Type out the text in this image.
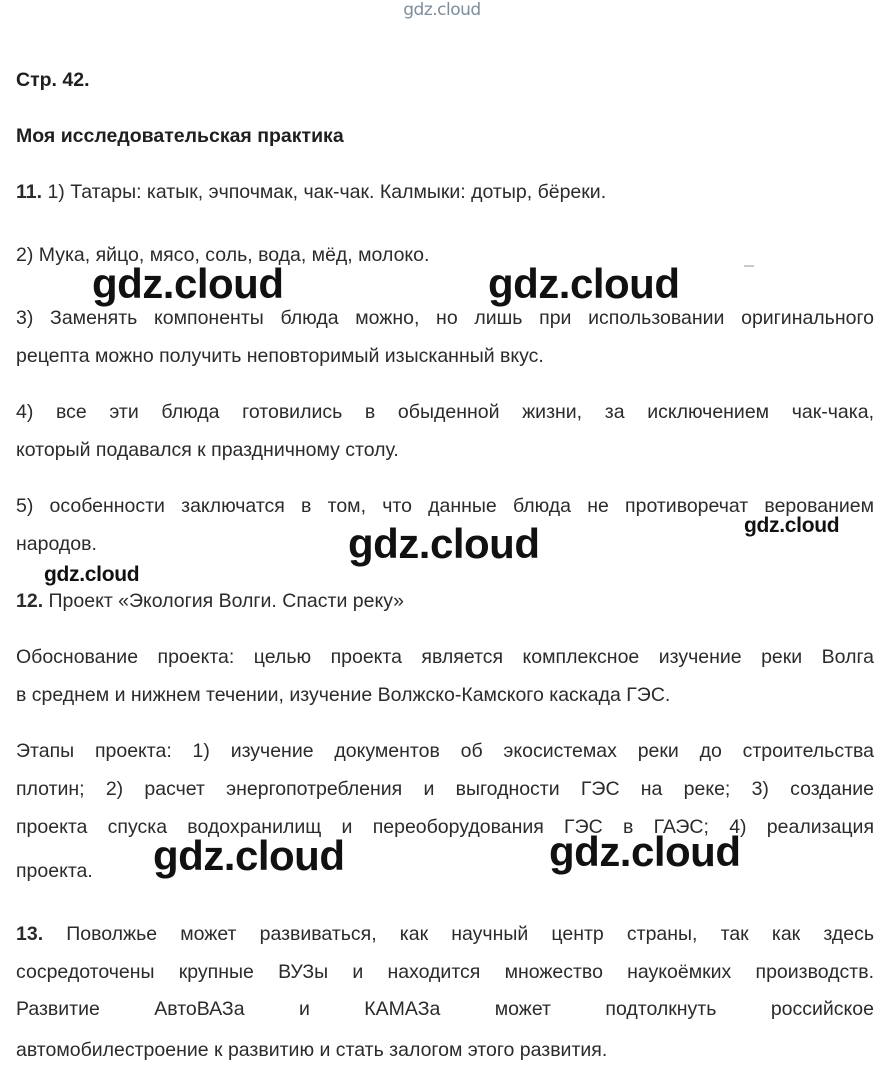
gdz.cloud
Стр. 42.
Моя исследовательская практика
11. 1) Татары: катык, эчпочмак, чак-чак. Калмыки: дотыр, бёреки.
2) Мука, яйцо, мясо, соль, вода, мёд, молоко.
3) Заменять компоненты блюда можно, но лишь при использовании оригинального
рецепта можно получить неповторимый изысканный вкус.
4) все эти блюда готовились в обыденной жизни, за исключением чак-чака,
который подавался к праздничному столу.
5) особенности заключатся в том, что данные блюда не противоречат верованием
народов.
12. Проект «Экология Волги. Спасти реку»
Обоснование проекта: целью проекта является комплексное изучение реки Волга
в среднем и нижнем течении, изучение Волжско-Камского каскада ГЭС.
Этапы проекта: 1) изучение документов об экосистемах реки до строительства
плотин; 2) расчет энергопотребления и выгодности ГЭС на реке; 3) создание
проекта спуска водохранилищ и переоборудования ГЭС в ГАЭС; 4) реализация
проекта.
13. Поволжье может развиваться, как научный центр страны, так как здесь
сосредоточены крупные ВУЗы и находится множество наукоёмких производств.
Развитие АвтоВАЗа и КАМАЗа может подтолкнуть российское
автомобилестроение к развитию и стать залогом этого развития.
gdz.cloud	gdz.cloud
gdz.cloud	gdz.cloud
gdz.cloud
gdz.cloud	gdz.cloud
